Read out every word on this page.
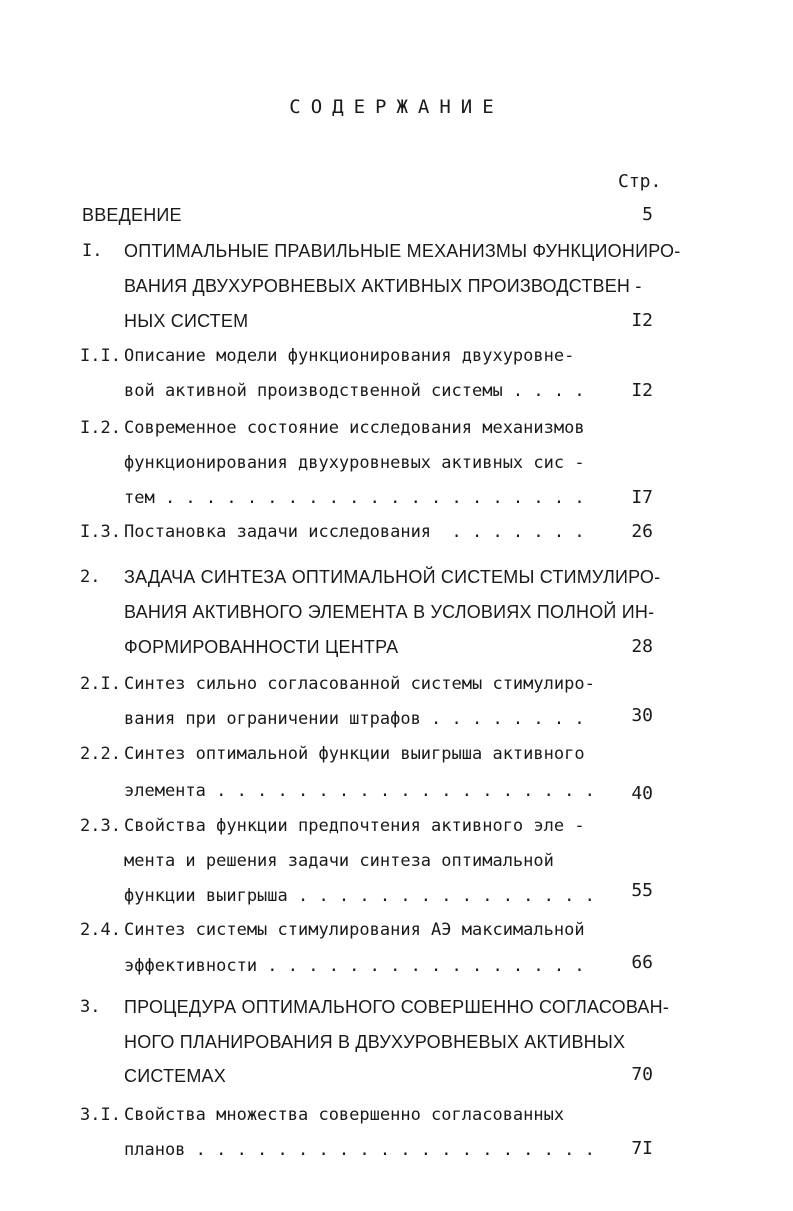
СОДЕРЖАНИЕ
Стр.
ВВЕДЕНИЕ	5
I. ОПТИМАЛЬНЫЕ ПРАВИЛЬНЫЕ МЕХАНИЗМЫ ФУНКЦИОНИРО-
ВАНИЯ ДВУХУРОВНЕВЫХ АКТИВНЫХ ПРОИЗВОДСТВЕН -
НЫХ СИСТЕМ	I2
I.I. Описание модели функционирования двухуровне-
вой активной производственной системы . . . .	I2
I.2. Современное состояние исследования механизмов
функционирования двухуровневых активных сис -
тем . . . . . . . . . . . . . . . . . . . . .	I7
I.3. Постановка задачи исследования  . . . . . . .	26
2. ЗАДАЧА СИНТЕЗА ОПТИМАЛЬНОЙ СИСТЕМЫ СТИМУЛИРО-
ВАНИЯ АКТИВНОГО ЭЛЕМЕНТА В УСЛОВИЯХ ПОЛНОЙ ИН-
ФОРМИРОВАННОСТИ ЦЕНТРА	28
2.I. Синтез сильно согласованной системы стимулиро-
вания при ограничении штрафов . . . . . . . .	30
2.2. Синтез оптимальной функции выигрыша активного
элемента . . . . . . . . . . . . . . . . . . .	40
2.3. Свойства функции предпочтения активного эле -
мента и решения задачи синтеза оптимальной
функции выигрыша . . . . . . . . . . . . . . .	55
2.4. Синтез системы стимулирования АЭ максимальной
эффективности . . . . . . . . . . . . . . . .	66
3. ПРОЦЕДУРА ОПТИМАЛЬНОГО СОВЕРШЕННО СОГЛАСОВАН-
НОГО ПЛАНИРОВАНИЯ В ДВУХУРОВНЕВЫХ АКТИВНЫХ
СИСТЕМАХ	70
3.I. Свойства множества совершенно согласованных
планов . . . . . . . . . . . . . . . . . . . .	7I
